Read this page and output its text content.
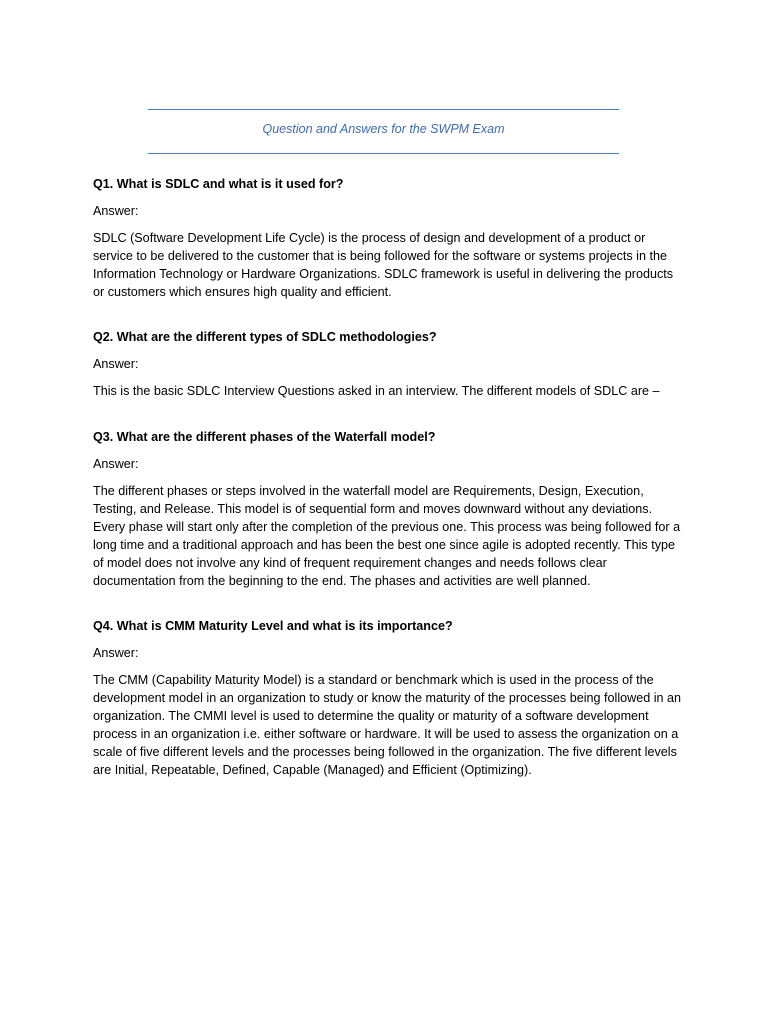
Question and Answers for the SWPM Exam

Q1. What is SDLC and what is it used for?

Answer:

SDLC (Software Development Life Cycle) is the process of design and development of a product or service to be delivered to the customer that is being followed for the software or systems projects in the Information Technology or Hardware Organizations. SDLC framework is useful in delivering the products or customers which ensures high quality and efficient.

Q2. What are the different types of SDLC methodologies?

Answer:

This is the basic SDLC Interview Questions asked in an interview. The different models of SDLC are –

Q3. What are the different phases of the Waterfall model?

Answer:

The different phases or steps involved in the waterfall model are Requirements, Design, Execution, Testing, and Release. This model is of sequential form and moves downward without any deviations. Every phase will start only after the completion of the previous one. This process was being followed for a long time and a traditional approach and has been the best one since agile is adopted recently. This type of model does not involve any kind of frequent requirement changes and needs follows clear documentation from the beginning to the end. The phases and activities are well planned.

Q4. What is CMM Maturity Level and what is its importance?

Answer:

The CMM (Capability Maturity Model) is a standard or benchmark which is used in the process of the development model in an organization to study or know the maturity of the processes being followed in an organization. The CMMI level is used to determine the quality or maturity of a software development process in an organization i.e. either software or hardware. It will be used to assess the organization on a scale of five different levels and the processes being followed in the organization. The five different levels are Initial, Repeatable, Defined, Capable (Managed) and Efficient (Optimizing).
